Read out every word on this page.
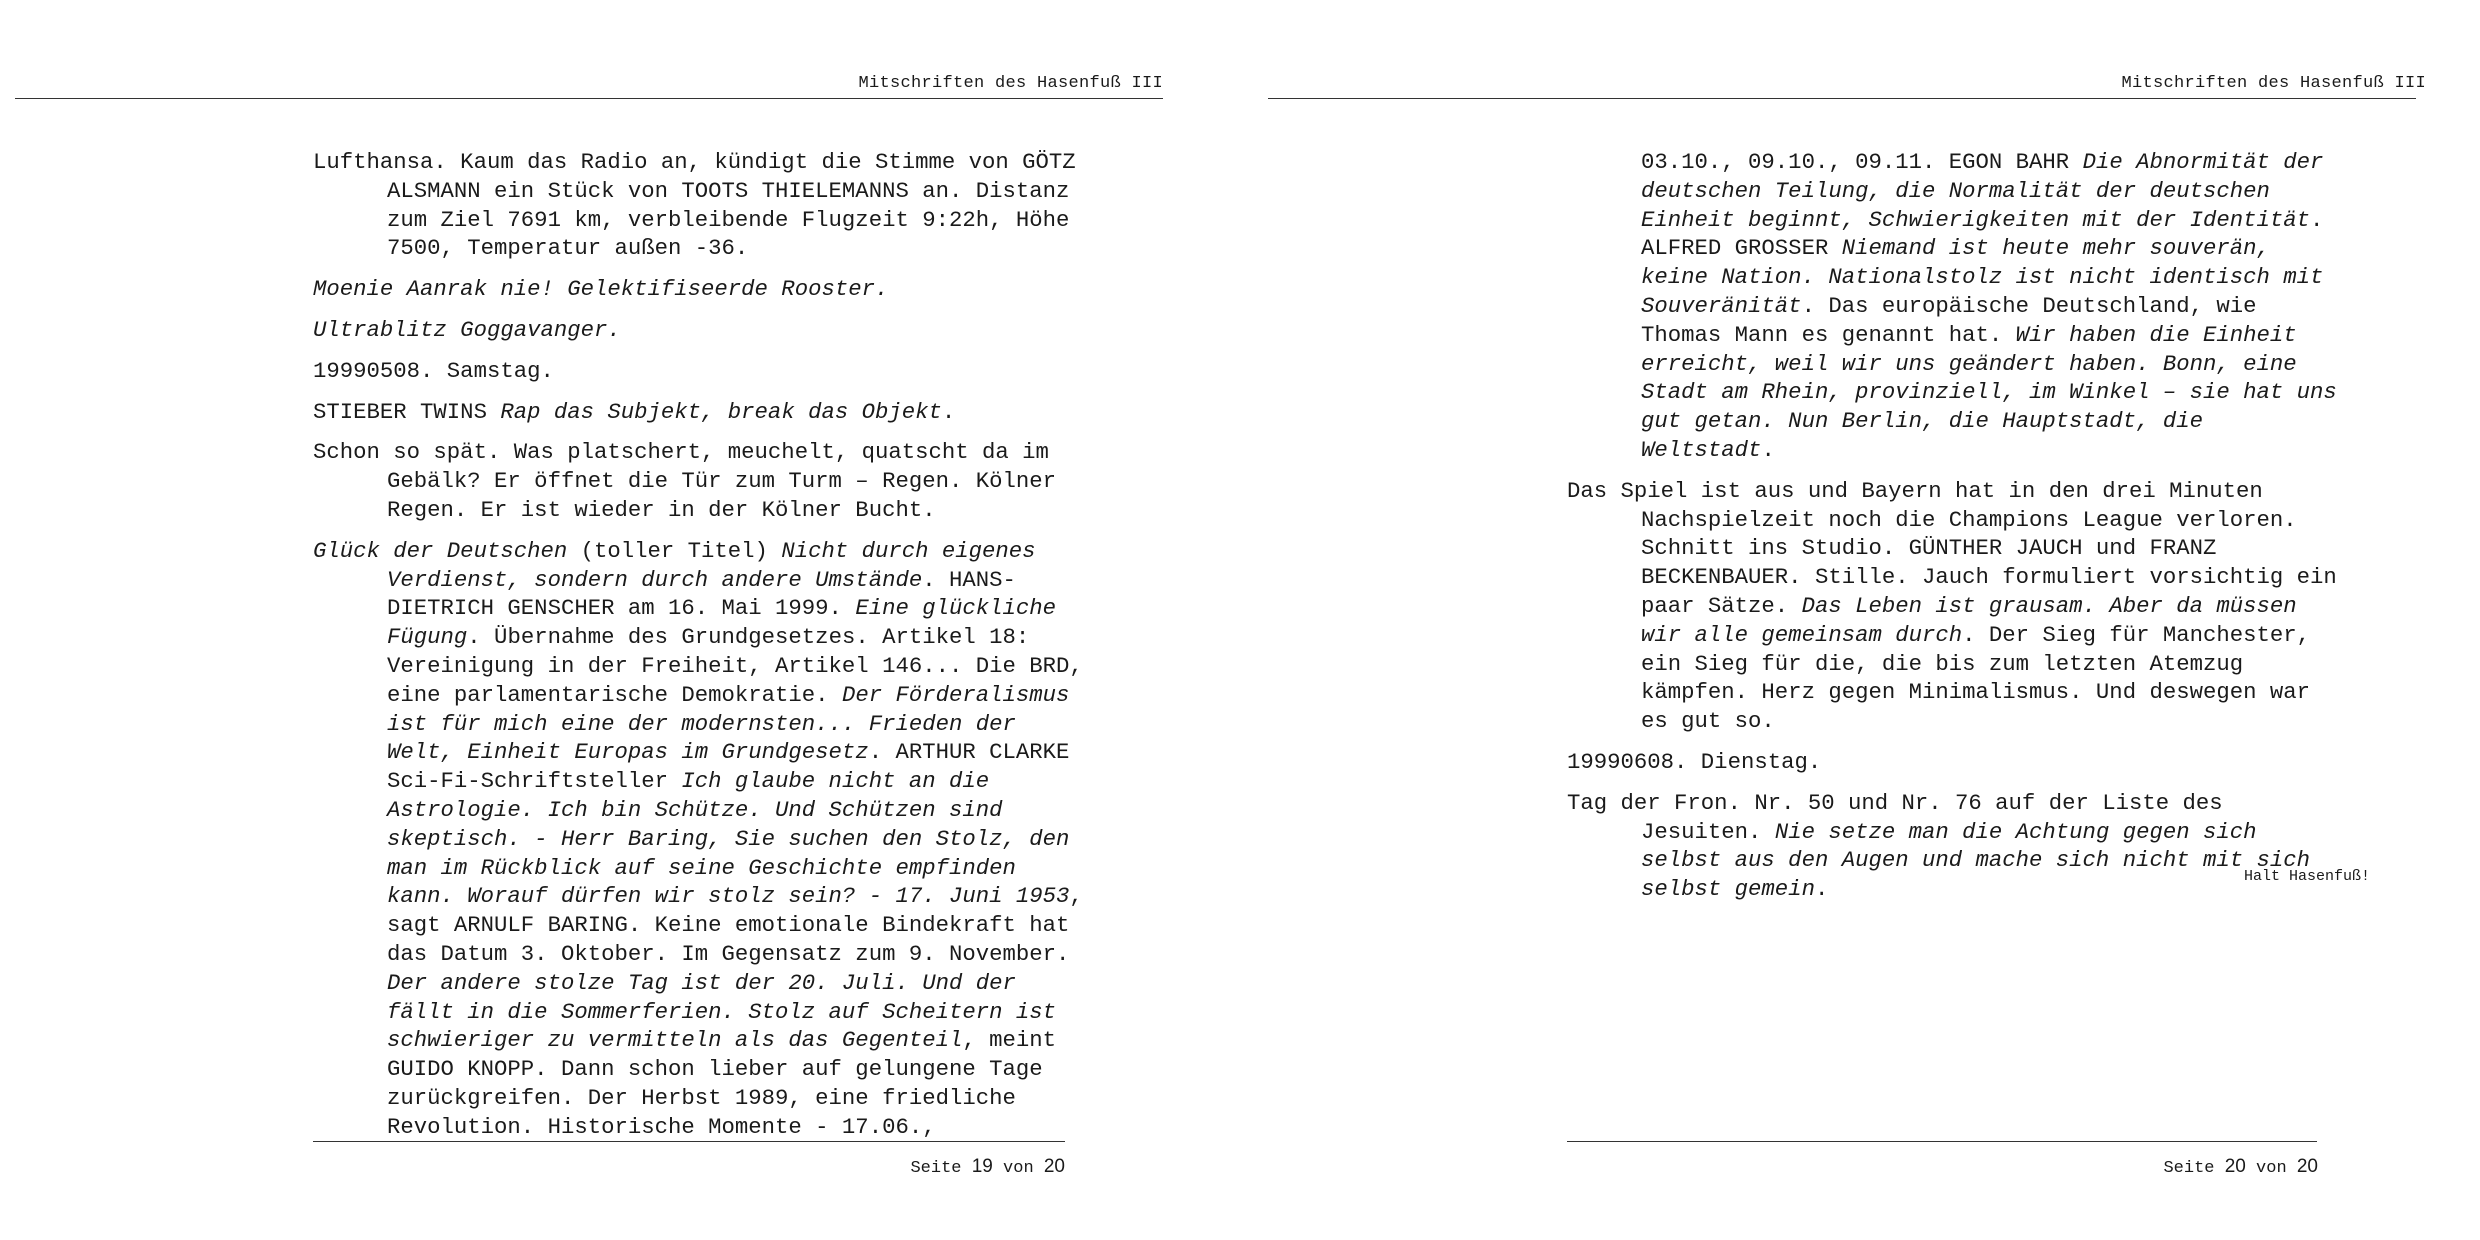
Mitschriften des Hasenfuß III

Lufthansa. Kaum das Radio an, kündigt die Stimme von GÖTZ ALSMANN ein Stück von TOOTS THIELEMANNS an. Distanz zum Ziel 7691 km, verbleibende Flugzeit 9:22h, Höhe 7500, Temperatur außen -36.

Moenie Aanrak nie! Gelektifiseerde Rooster.

Ultrablitz Goggavanger.

19990508. Samstag.

STIEBER TWINS Rap das Subjekt, break das Objekt.

Schon so spät. Was platschert, meuchelt, quatscht da im Gebälk? Er öffnet die Tür zum Turm – Regen. Kölner Regen. Er ist wieder in der Kölner Bucht.

Glück der Deutschen (toller Titel) Nicht durch eigenes Verdienst, sondern durch andere Umstände. HANS-DIETRICH GENSCHER am 16. Mai 1999. Eine glückliche Fügung. Übernahme des Grundgesetzes. Artikel 18: Vereinigung in der Freiheit, Artikel 146... Die BRD, eine parlamentarische Demokratie. Der Förderalismus ist für mich eine der modernsten... Frieden der Welt, Einheit Europas im Grundgesetz. ARTHUR CLARKE Sci-Fi-Schriftsteller Ich glaube nicht an die Astrologie. Ich bin Schütze. Und Schützen sind skeptisch. - Herr Baring, Sie suchen den Stolz, den man im Rückblick auf seine Geschichte empfinden kann. Worauf dürfen wir stolz sein? - 17. Juni 1953, sagt ARNULF BARING. Keine emotionale Bindekraft hat das Datum 3. Oktober. Im Gegensatz zum 9. November. Der andere stolze Tag ist der 20. Juli. Und der fällt in die Sommerferien. Stolz auf Scheitern ist schwieriger zu vermitteln als das Gegenteil, meint GUIDO KNOPP. Dann schon lieber auf gelungene Tage zurückgreifen. Der Herbst 1989, eine friedliche Revolution. Historische Momente - 17.06.,

Seite 19 von 20
Mitschriften des Hasenfuß III

03.10., 09.10., 09.11. EGON BAHR Die Abnormität der deutschen Teilung, die Normalität der deutschen Einheit beginnt, Schwierigkeiten mit der Identität. ALFRED GROSSER Niemand ist heute mehr souverän, keine Nation. Nationalstolz ist nicht identisch mit Souveränität. Das europäische Deutschland, wie Thomas Mann es genannt hat. Wir haben die Einheit erreicht, weil wir uns geändert haben. Bonn, eine Stadt am Rhein, provinziell, im Winkel – sie hat uns gut getan. Nun Berlin, die Hauptstadt, die Weltstadt.

Das Spiel ist aus und Bayern hat in den drei Minuten Nachspielzeit noch die Champions League verloren. Schnitt ins Studio. GÜNTHER JAUCH und FRANZ BECKENBAUER. Stille. Jauch formuliert vorsichtig ein paar Sätze. Das Leben ist grausam. Aber da müssen wir alle gemeinsam durch. Der Sieg für Manchester, ein Sieg für die, die bis zum letzten Atemzug kämpfen. Herz gegen Minimalismus. Und deswegen war es gut so.

19990608. Dienstag.

Tag der Fron. Nr. 50 und Nr. 76 auf der Liste des Jesuiten. Nie setze man die Achtung gegen sich selbst aus den Augen und mache sich nicht mit sich selbst gemein.	Halt Hasenfuß!
Seite 20 von 20
